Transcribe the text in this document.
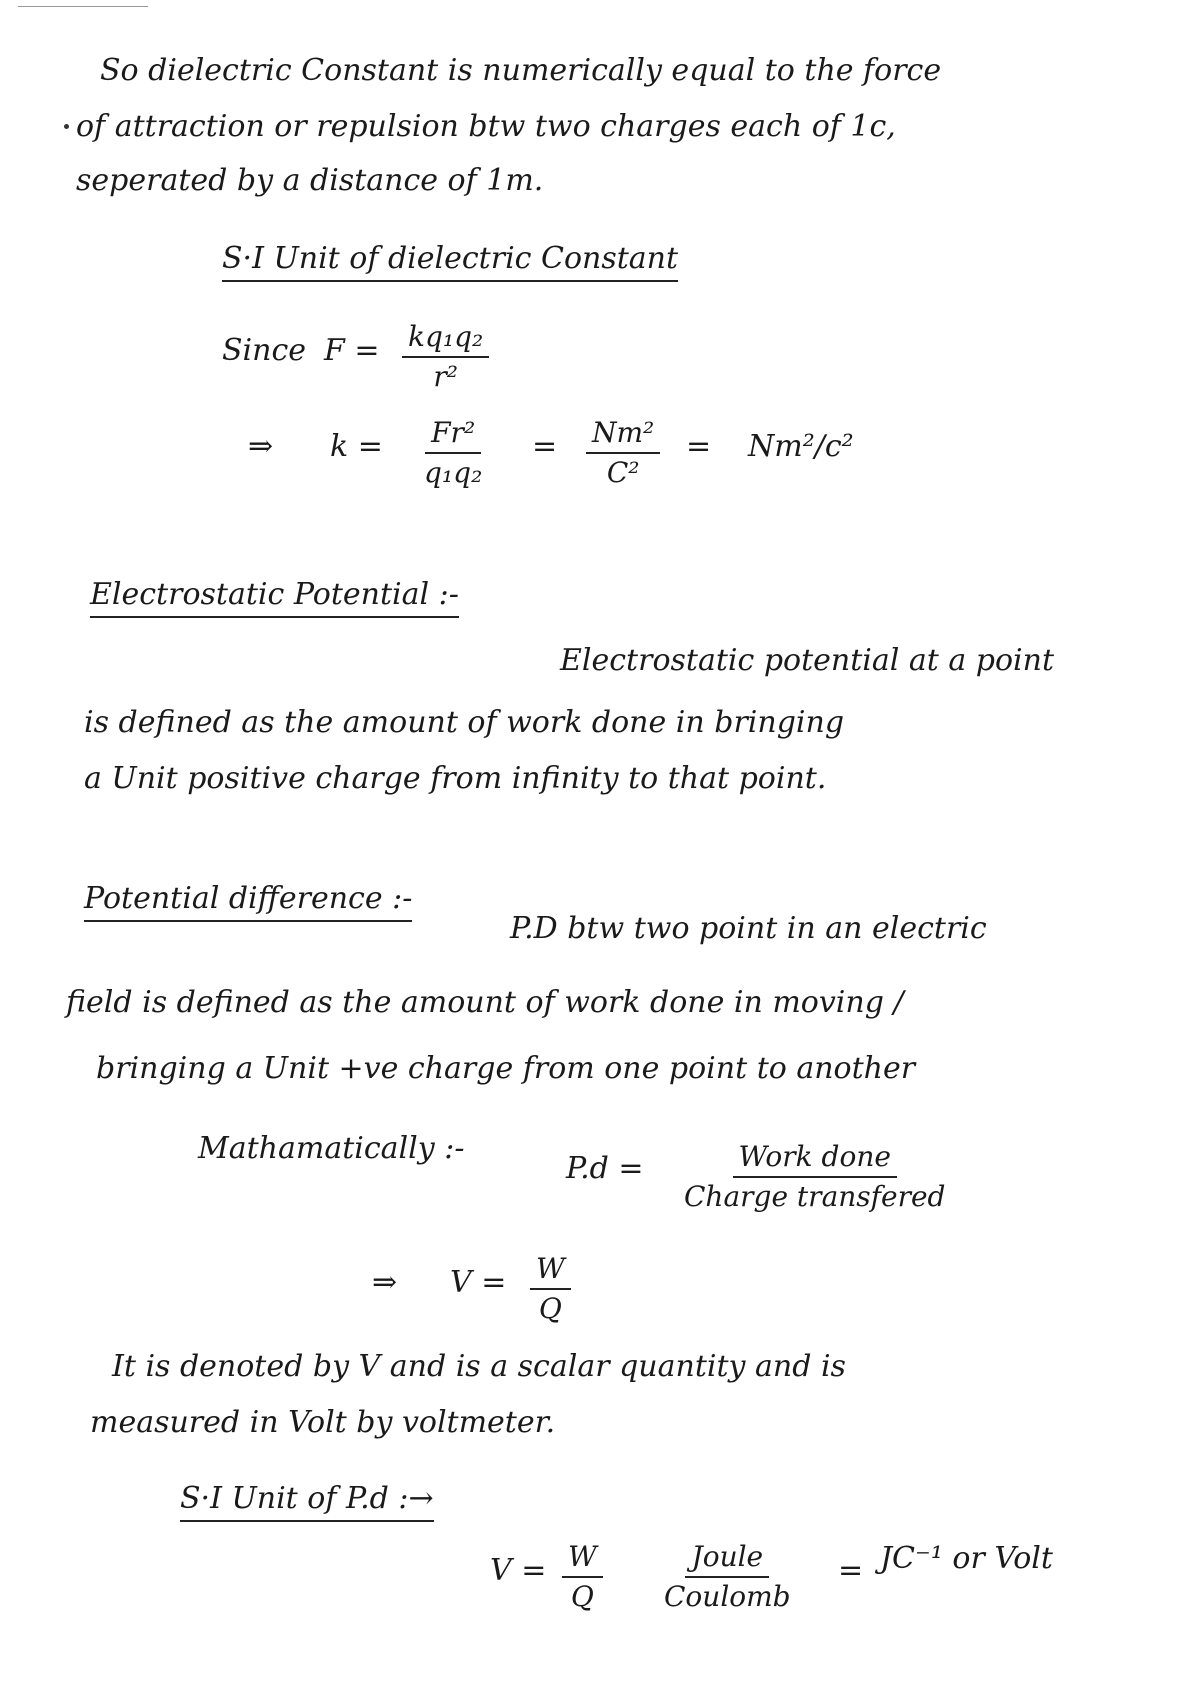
So dielectric Constant is numerically equal to the force
of attraction or repulsion btw two charges each of 1c,
seperated by a distance of 1m.
S·I Unit of dielectric Constant
Since $F = \frac{\text{kq₁q₂}}{\text{r²}}$
⇒ $k = \frac{\text{Fr²}}{\text{q₁q₂}} = \frac{\text{Nm²}}{\text{C²}} = Nm^2/c^2$
Electrostatic Potential :-
Electrostatic potential at a point
is defined as the amount of work done in bringing
a Unit positive charge from infinity to that point.
Potential difference :-
P.D btw two point in an electric
field is defined as the amount of work done in moving /
bringing a Unit +ve charge from one point to another
Mathamatically :-
P.d =	Work done
Charge transfered
⇒ $V = \frac{W}{Q}$
It is denoted by V and is a scalar quantity and is
measured in Volt by voltmeter.
S·I Unit of P.d :→
$V = \frac{W}{Q}$	Joule
Coulomb
= JC⁻¹ or Volt
